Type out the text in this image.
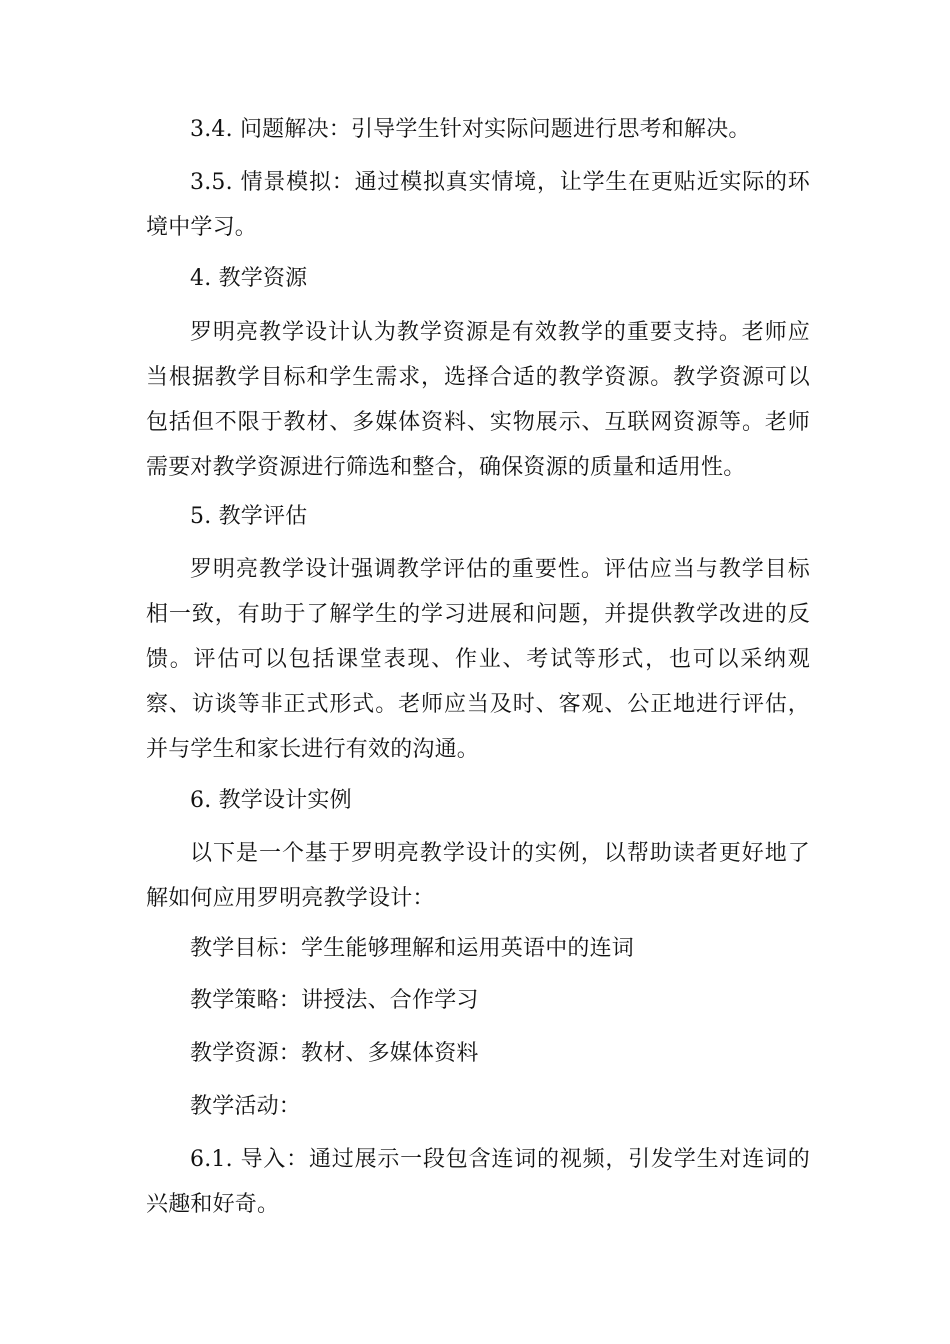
3.4. 问题解决：引导学生针对实际问题进行思考和解决。

3.5. 情景模拟：通过模拟真实情境，让学生在更贴近实际的环境中学习。

4. 教学资源

罗明亮教学设计认为教学资源是有效教学的重要支持。老师应当根据教学目标和学生需求，选择合适的教学资源。教学资源可以包括但不限于教材、多媒体资料、实物展示、互联网资源等。老师需要对教学资源进行筛选和整合，确保资源的质量和适用性。

5. 教学评估

罗明亮教学设计强调教学评估的重要性。评估应当与教学目标相一致，有助于了解学生的学习进展和问题，并提供教学改进的反馈。评估可以包括课堂表现、作业、考试等形式，也可以采纳观察、访谈等非正式形式。老师应当及时、客观、公正地进行评估，并与学生和家长进行有效的沟通。

6. 教学设计实例

以下是一个基于罗明亮教学设计的实例，以帮助读者更好地了解如何应用罗明亮教学设计：

教学目标：学生能够理解和运用英语中的连词

教学策略：讲授法、合作学习

教学资源：教材、多媒体资料

教学活动：

6.1. 导入：通过展示一段包含连词的视频，引发学生对连词的兴趣和好奇。
